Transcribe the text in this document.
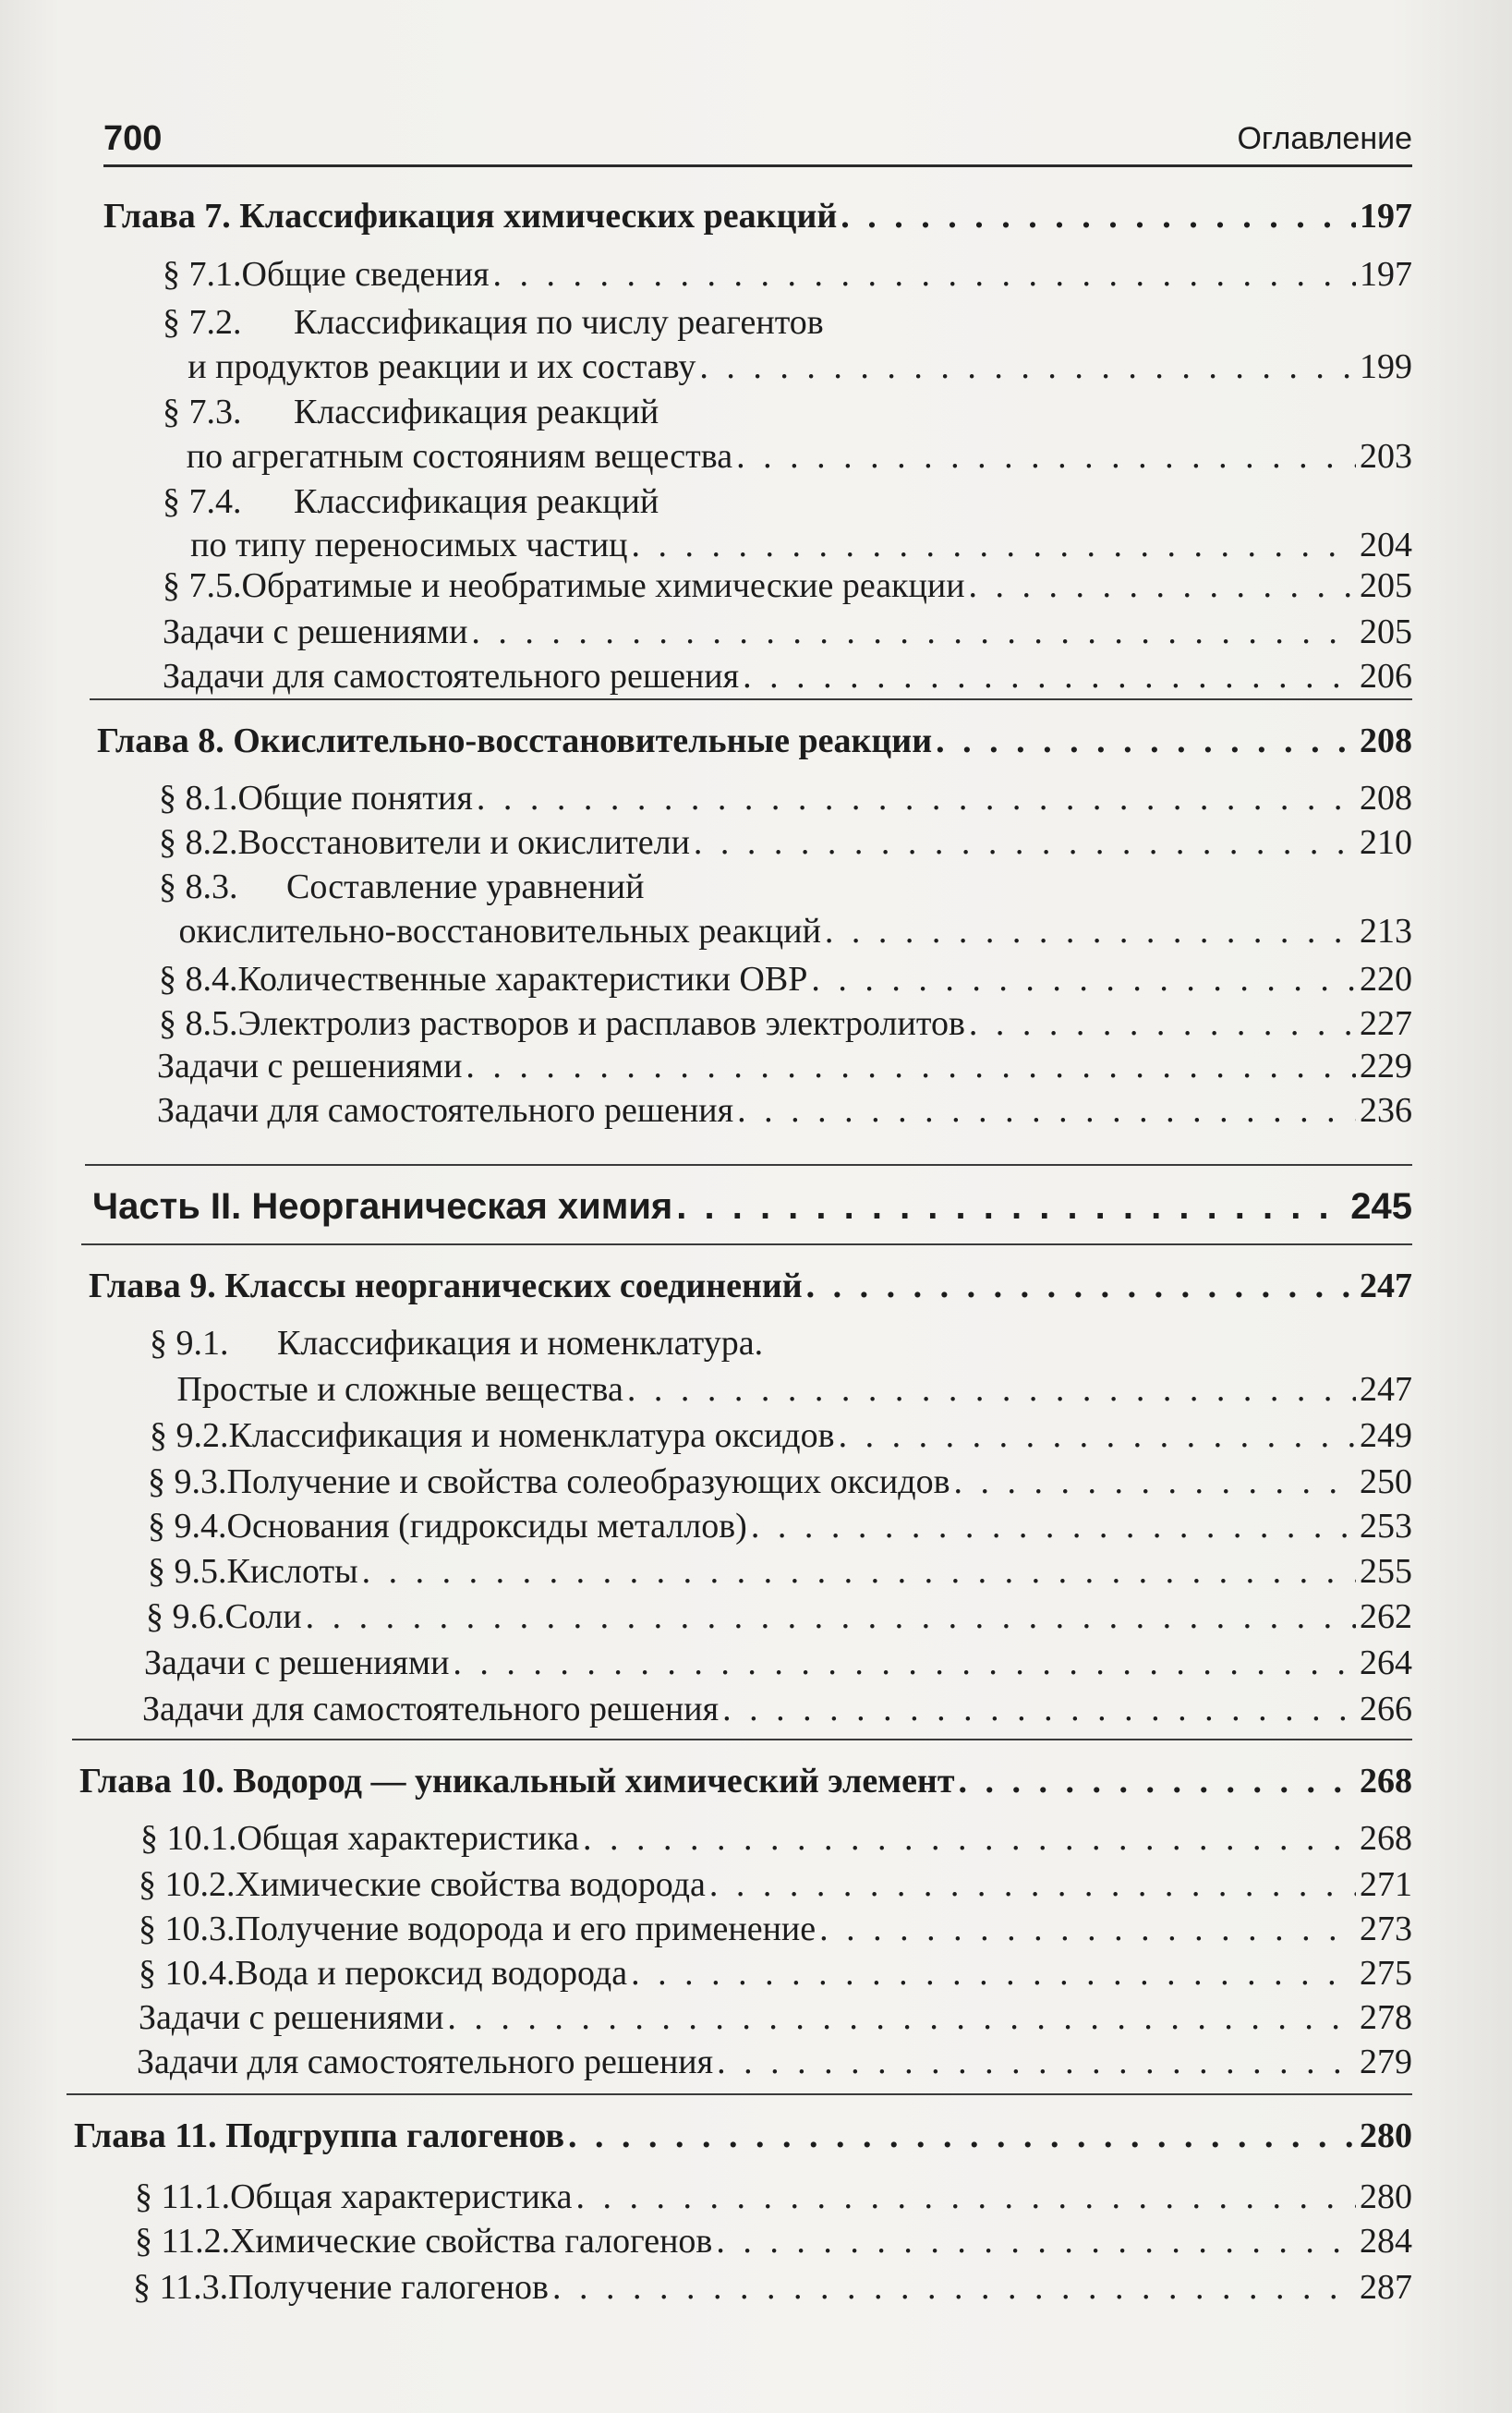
700	Оглавление
Глава 7. Классификация химических реакций . . .	197
§ 7.1. Общие сведения . . .	197
§ 7.2.	Классификация по числу реагентов
и продуктов реакции и их составу . . .	199
§ 7.3.	Классификация реакций
по агрегатным состояниям вещества . . .	203
§ 7.4.	Классификация реакций
по типу переносимых частиц . . .	204
§ 7.5. Обратимые и необратимые химические реакции . . .	205
Задачи с решениями . . .	205
Задачи для самостоятельного решения . . .	206
Глава 8. Окислительно-восстановительные реакции . . .	208
§ 8.1. Общие понятия . . .	208
§ 8.2. Восстановители и окислители . . .	210
§ 8.3.	Составление уравнений
окислительно-восстановительных реакций . . .	213
§ 8.4. Количественные характеристики ОВР . . .	220
§ 8.5. Электролиз растворов и расплавов электролитов . . .	227
Задачи с решениями . . .	229
Задачи для самостоятельного решения . . .	236
Часть II. Неорганическая химия . . .	245
Глава 9. Классы неорганических соединений . . .	247
§ 9.1.	Классификация и номенклатура.
Простые и сложные вещества . . .	247
§ 9.2. Классификация и номенклатура оксидов . . .	249
§ 9.3. Получение и свойства солеобразующих оксидов . . .	250
§ 9.4. Основания (гидроксиды металлов) . . .	253
§ 9.5. Кислоты . . .	255
§ 9.6. Соли . . .	262
Задачи с решениями . . .	264
Задачи для самостоятельного решения . . .	266
Глава 10. Водород — уникальный химический элемент . . .	268
§ 10.1. Общая характеристика . . .	268
§ 10.2. Химические свойства водорода . . .	271
§ 10.3. Получение водорода и его применение . . .	273
§ 10.4. Вода и пероксид водорода . . .	275
Задачи с решениями . . .	278
Задачи для самостоятельного решения . . .	279
Глава 11. Подгруппа галогенов . . .	280
§ 11.1. Общая характеристика . . .	280
§ 11.2. Химические свойства галогенов . . .	284
§ 11.3. Получение галогенов . . .	287
